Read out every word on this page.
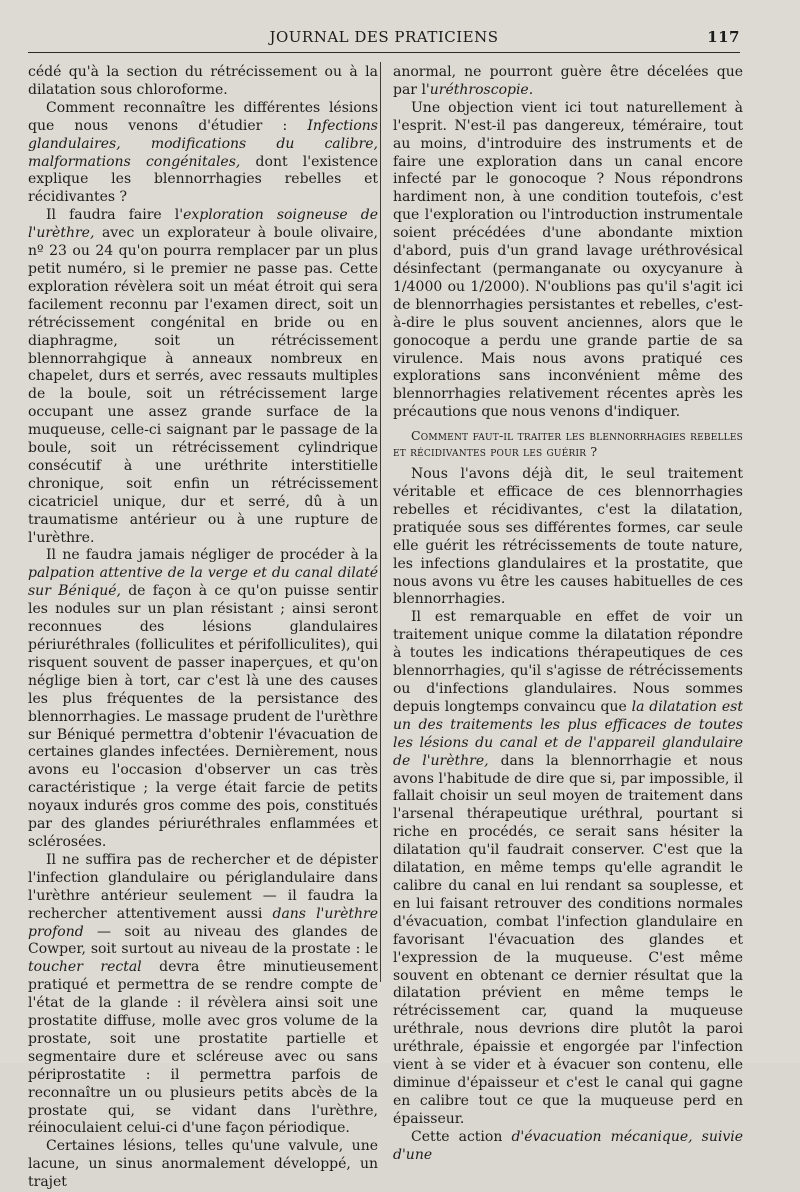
JOURNAL DES PRATICIENS	117

cédé qu'à la section du rétrécissement ou à la dilatation sous chloroforme.

Comment reconnaître les différentes lésions que nous venons d'étudier : Infections glandulaires, modifications du calibre, malformations congénitales, dont l'existence explique les blennorrhagies rebelles et récidivantes ?

Il faudra faire l'exploration soigneuse de l'urèthre, avec un explorateur à boule olivaire, nº 23 ou 24 qu'on pourra remplacer par un plus petit numéro, si le premier ne passe pas. Cette exploration révèlera soit un méat étroit qui sera facilement reconnu par l'examen direct, soit un rétrécissement congénital en bride ou en diaphragme, soit un rétrécissement blennorrahgique à anneaux nombreux en chapelet, durs et serrés, avec ressauts multiples de la boule, soit un rétrécissement large occupant une assez grande surface de la muqueuse, celle-ci saignant par le passage de la boule, soit un rétrécissement cylindrique consécutif à une uréthrite interstitielle chronique, soit enfin un rétrécissement cicatriciel unique, dur et serré, dû à un traumatisme antérieur ou à une rupture de l'urèthre.

Il ne faudra jamais négliger de procéder à la palpation attentive de la verge et du canal dilaté sur Béniqué, de façon à ce qu'on puisse sentir les nodules sur un plan résistant ; ainsi seront reconnues des lésions glandulaires périuréthrales (folliculites et périfolliculites), qui risquent souvent de passer inaperçues, et qu'on néglige bien à tort, car c'est là une des causes les plus fréquentes de la persistance des blennorrhagies. Le massage prudent de l'urèthre sur Béniqué permettra d'obtenir l'évacuation de certaines glandes infectées. Dernièrement, nous avons eu l'occasion d'observer un cas très caractéristique ; la verge était farcie de petits noyaux indurés gros comme des pois, constitués par des glandes périuréthrales enflammées et sclérosées.

Il ne suffira pas de rechercher et de dépister l'infection glandulaire ou périglandulaire dans l'urèthre antérieur seulement — il faudra la rechercher attentivement aussi dans l'urèthre profond — soit au niveau des glandes de Cowper, soit surtout au niveau de la prostate : le toucher rectal devra être minutieusement pratiqué et permettra de se rendre compte de l'état de la glande : il révèlera ainsi soit une prostatite diffuse, molle avec gros volume de la prostate, soit une prostatite partielle et segmentaire dure et scléreuse avec ou sans périprostatite : il permettra parfois de reconnaître un ou plusieurs petits abcès de la prostate qui, se vidant dans l'urèthre, réinoculaient celui-ci d'une façon périodique.

Certaines lésions, telles qu'une valvule, une lacune, un sinus anormalement développé, un trajet

anormal, ne pourront guère être décelées que par l'uréthroscopie.

Une objection vient ici tout naturellement à l'esprit. N'est-il pas dangereux, téméraire, tout au moins, d'introduire des instruments et de faire une exploration dans un canal encore infecté par le gonocoque ? Nous répondrons hardiment non, à une condition toutefois, c'est que l'exploration ou l'introduction instrumentale soient précédées d'une abondante mixtion d'abord, puis d'un grand lavage uréthrovésical désinfectant (permanganate ou oxycyanure à 1/4000 ou 1/2000). N'oublions pas qu'il s'agit ici de blennorrhagies persistantes et rebelles, c'est-à-dire le plus souvent anciennes, alors que le gonocoque a perdu une grande partie de sa virulence. Mais nous avons pratiqué ces explorations sans inconvénient même des blennorrhagies relativement récentes après les précautions que nous venons d'indiquer.

Comment faut-il traiter les blennorrhagies rebelles et récidivantes pour les guérir ?

Nous l'avons déjà dit, le seul traitement véritable et efficace de ces blennorrhagies rebelles et récidivantes, c'est la dilatation, pratiquée sous ses différentes formes, car seule elle guérit les rétrécissements de toute nature, les infections glandulaires et la prostatite, que nous avons vu être les causes habituelles de ces blennorrhagies.

Il est remarquable en effet de voir un traitement unique comme la dilatation répondre à toutes les indications thérapeutiques de ces blennorrhagies, qu'il s'agisse de rétrécissements ou d'infections glandulaires. Nous sommes depuis longtemps convaincu que la dilatation est un des traitements les plus efficaces de toutes les lésions du canal et de l'appareil glandulaire de l'urèthre, dans la blennorrhagie et nous avons l'habitude de dire que si, par impossible, il fallait choisir un seul moyen de traitement dans l'arsenal thérapeutique uréthral, pourtant si riche en procédés, ce serait sans hésiter la dilatation qu'il faudrait conserver. C'est que la dilatation, en même temps qu'elle agrandit le calibre du canal en lui rendant sa souplesse, et en lui faisant retrouver des conditions normales d'évacuation, combat l'infection glandulaire en favorisant l'évacuation des glandes et l'expression de la muqueuse. C'est même souvent en obtenant ce dernier résultat que la dilatation prévient en même temps le rétrécissement car, quand la muqueuse uréthrale, nous devrions dire plutôt la paroi uréthrale, épaissie et engorgée par l'infection vient à se vider et à évacuer son contenu, elle diminue d'épaisseur et c'est le canal qui gagne en calibre tout ce que la muqueuse perd en épaisseur.

Cette action d'évacuation mécanique, suivie d'une
